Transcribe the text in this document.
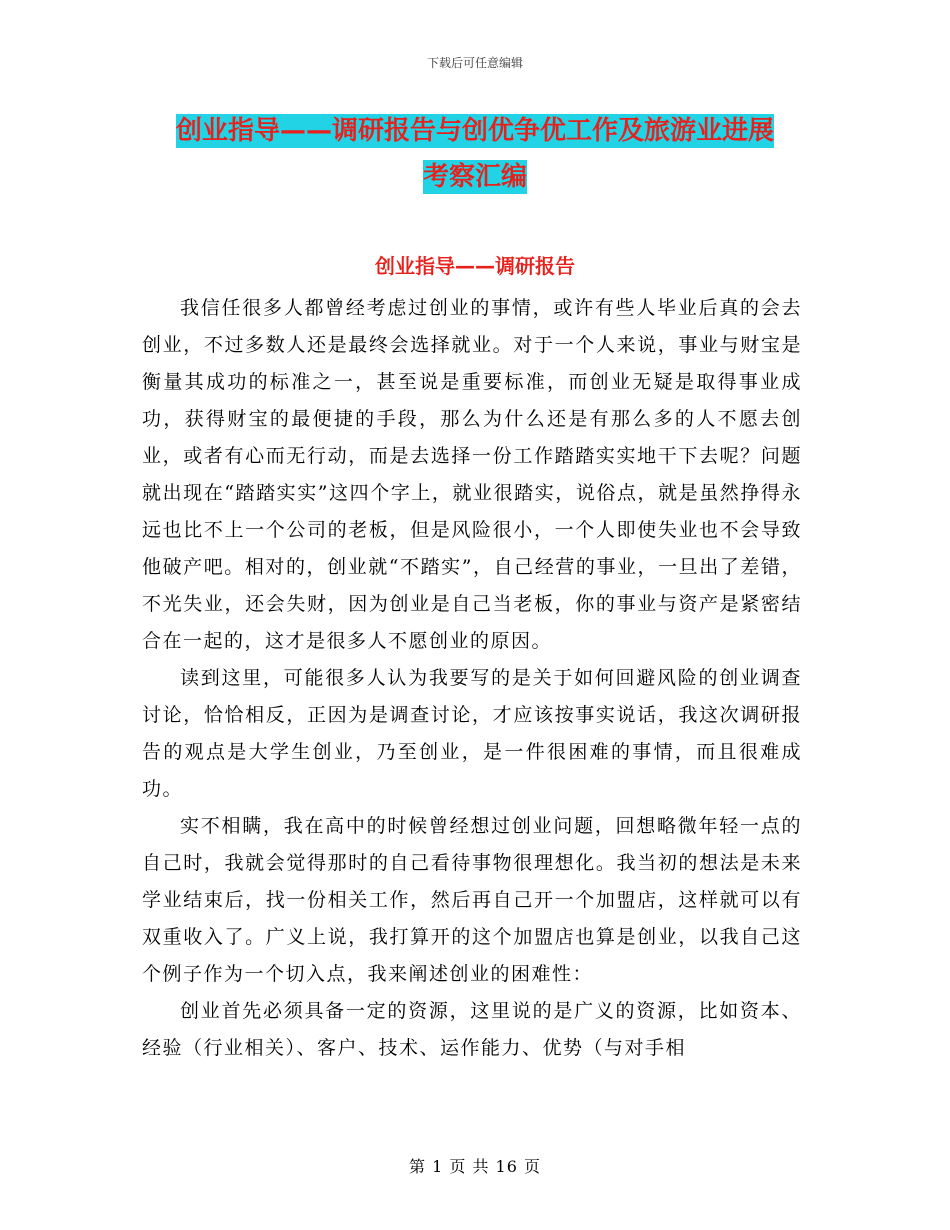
下载后可任意编辑
创业指导——调研报告与创优争优工作及旅游业进展
考察汇编
创业指导——调研报告

我信任很多人都曾经考虑过创业的事情，或许有些人毕业后真的会去创业，不过多数人还是最终会选择就业。对于一个人来说，事业与财宝是衡量其成功的标准之一，甚至说是重要标准，而创业无疑是取得事业成功，获得财宝的最便捷的手段，那么为什么还是有那么多的人不愿去创业，或者有心而无行动，而是去选择一份工作踏踏实实地干下去呢？问题就出现在“踏踏实实”这四个字上，就业很踏实，说俗点，就是虽然挣得永远也比不上一个公司的老板，但是风险很小，一个人即使失业也不会导致他破产吧。相对的，创业就“不踏实”，自己经营的事业，一旦出了差错，不光失业，还会失财，因为创业是自己当老板，你的事业与资产是紧密结合在一起的，这才是很多人不愿创业的原因。

读到这里，可能很多人认为我要写的是关于如何回避风险的创业调查讨论，恰恰相反，正因为是调查讨论，才应该按事实说话，我这次调研报告的观点是大学生创业，乃至创业，是一件很困难的事情，而且很难成功。

实不相瞒，我在高中的时候曾经想过创业问题，回想略微年轻一点的自己时，我就会觉得那时的自己看待事物很理想化。我当初的想法是未来学业结束后，找一份相关工作，然后再自己开一个加盟店，这样就可以有双重收入了。广义上说，我打算开的这个加盟店也算是创业，以我自己这个例子作为一个切入点，我来阐述创业的困难性：

创业首先必须具备一定的资源，这里说的是广义的资源，比如资本、经验（行业相关）、客户、技术、运作能力、优势（与对手相

第 1 页 共 16 页
